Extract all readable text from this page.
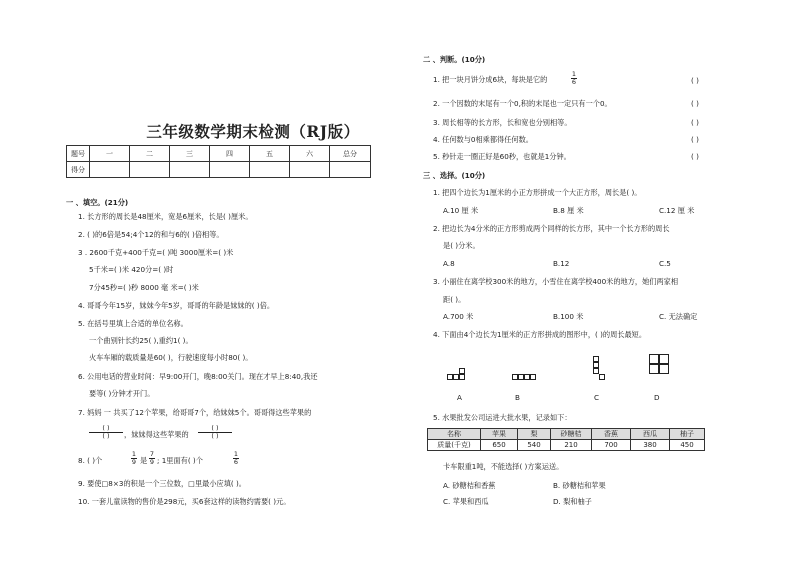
三年级数学期末检测（RJ版）
题号	一	二	三	四	五	六	总分
得分							
一 、填空。(21分)
1. 长方形的周长是48厘米，宽是6厘米，长是( )厘米。
2. ( )的6倍是54;4个12的和与6的( )倍相等。
3 . 2600千克+400千克=( )吨 3000厘米=( )米
5千米=( )米 420分=( )时
7分45秒=( )秒 8000 毫 米=( )米
4. 哥哥今年15岁，妹妹今年5岁，哥哥的年龄是妹妹的( )倍。
5. 在括号里填上合适的单位名称。
一个曲别针长约25( ),重约1( )。
火车车厢的载质量是60( )，行驶速度每小时80( )。
6. 公用电话的营业时间：早9:00开门，晚8:00关门。现在才早上8:40,我还
要等( )分钟才开门。
7. 妈妈 一 共买了12个苹果，给哥哥7个，给妹妹5个。哥哥得这些苹果的
( )
( ) ，妹妹得这些苹果的
( )
( )
8. ( )个
1
9 是
7
9 ; 1里面有( )个
1
6
9. 要使□8×3的积是一个三位数，□里最小应填( )。
10. 一套儿童读物的售价是298元，买6套这样的读物约需要( )元。
二 、判断。(10分)
1. 把一块月饼分成6块，每块是它的
1
6
2. 一个因数的末尾有一个0,积的末尾也一定只有一个0。
3. 周长相等的长方形，长和宽也分别相等。
4. 任何数与0相乘都得任何数。
5. 秒针走一圈正好是60秒，也就是1分钟。
( )
( )
( )
( )
( )
三 、选择。(10分)
1. 把四个边长为1厘米的小正方形拼成一个大正方形，周长是( )。
A.10 厘 米	B.8 厘 米	C.12 厘 米
2. 把边长为4分米的正方形剪成两个同样的长方形，其中一个长方形的周长
是( )分米。
A.8	B.12	C.5
3. 小丽住在离学校300米的地方，小雪住在离学校400米的地方，她们两家相
距( )。
A.700 米	B.100 米	C. 无法确定
4. 下面由4个边长为1厘米的正方形拼成的图形中，( )的周长最短。
A	B	C	D
5. 水果批发公司运进大批水果，记录如下：
名称	苹果	梨	砂糖桔	香蕉	西瓜	柚子
质量(千克)	650	540	210	700	380	450
卡车限重1吨，不能选择( )方案运送。
A. 砂糖桔和香蕉	B. 砂糖桔和苹果
C. 苹果和西瓜	D. 梨和柚子
